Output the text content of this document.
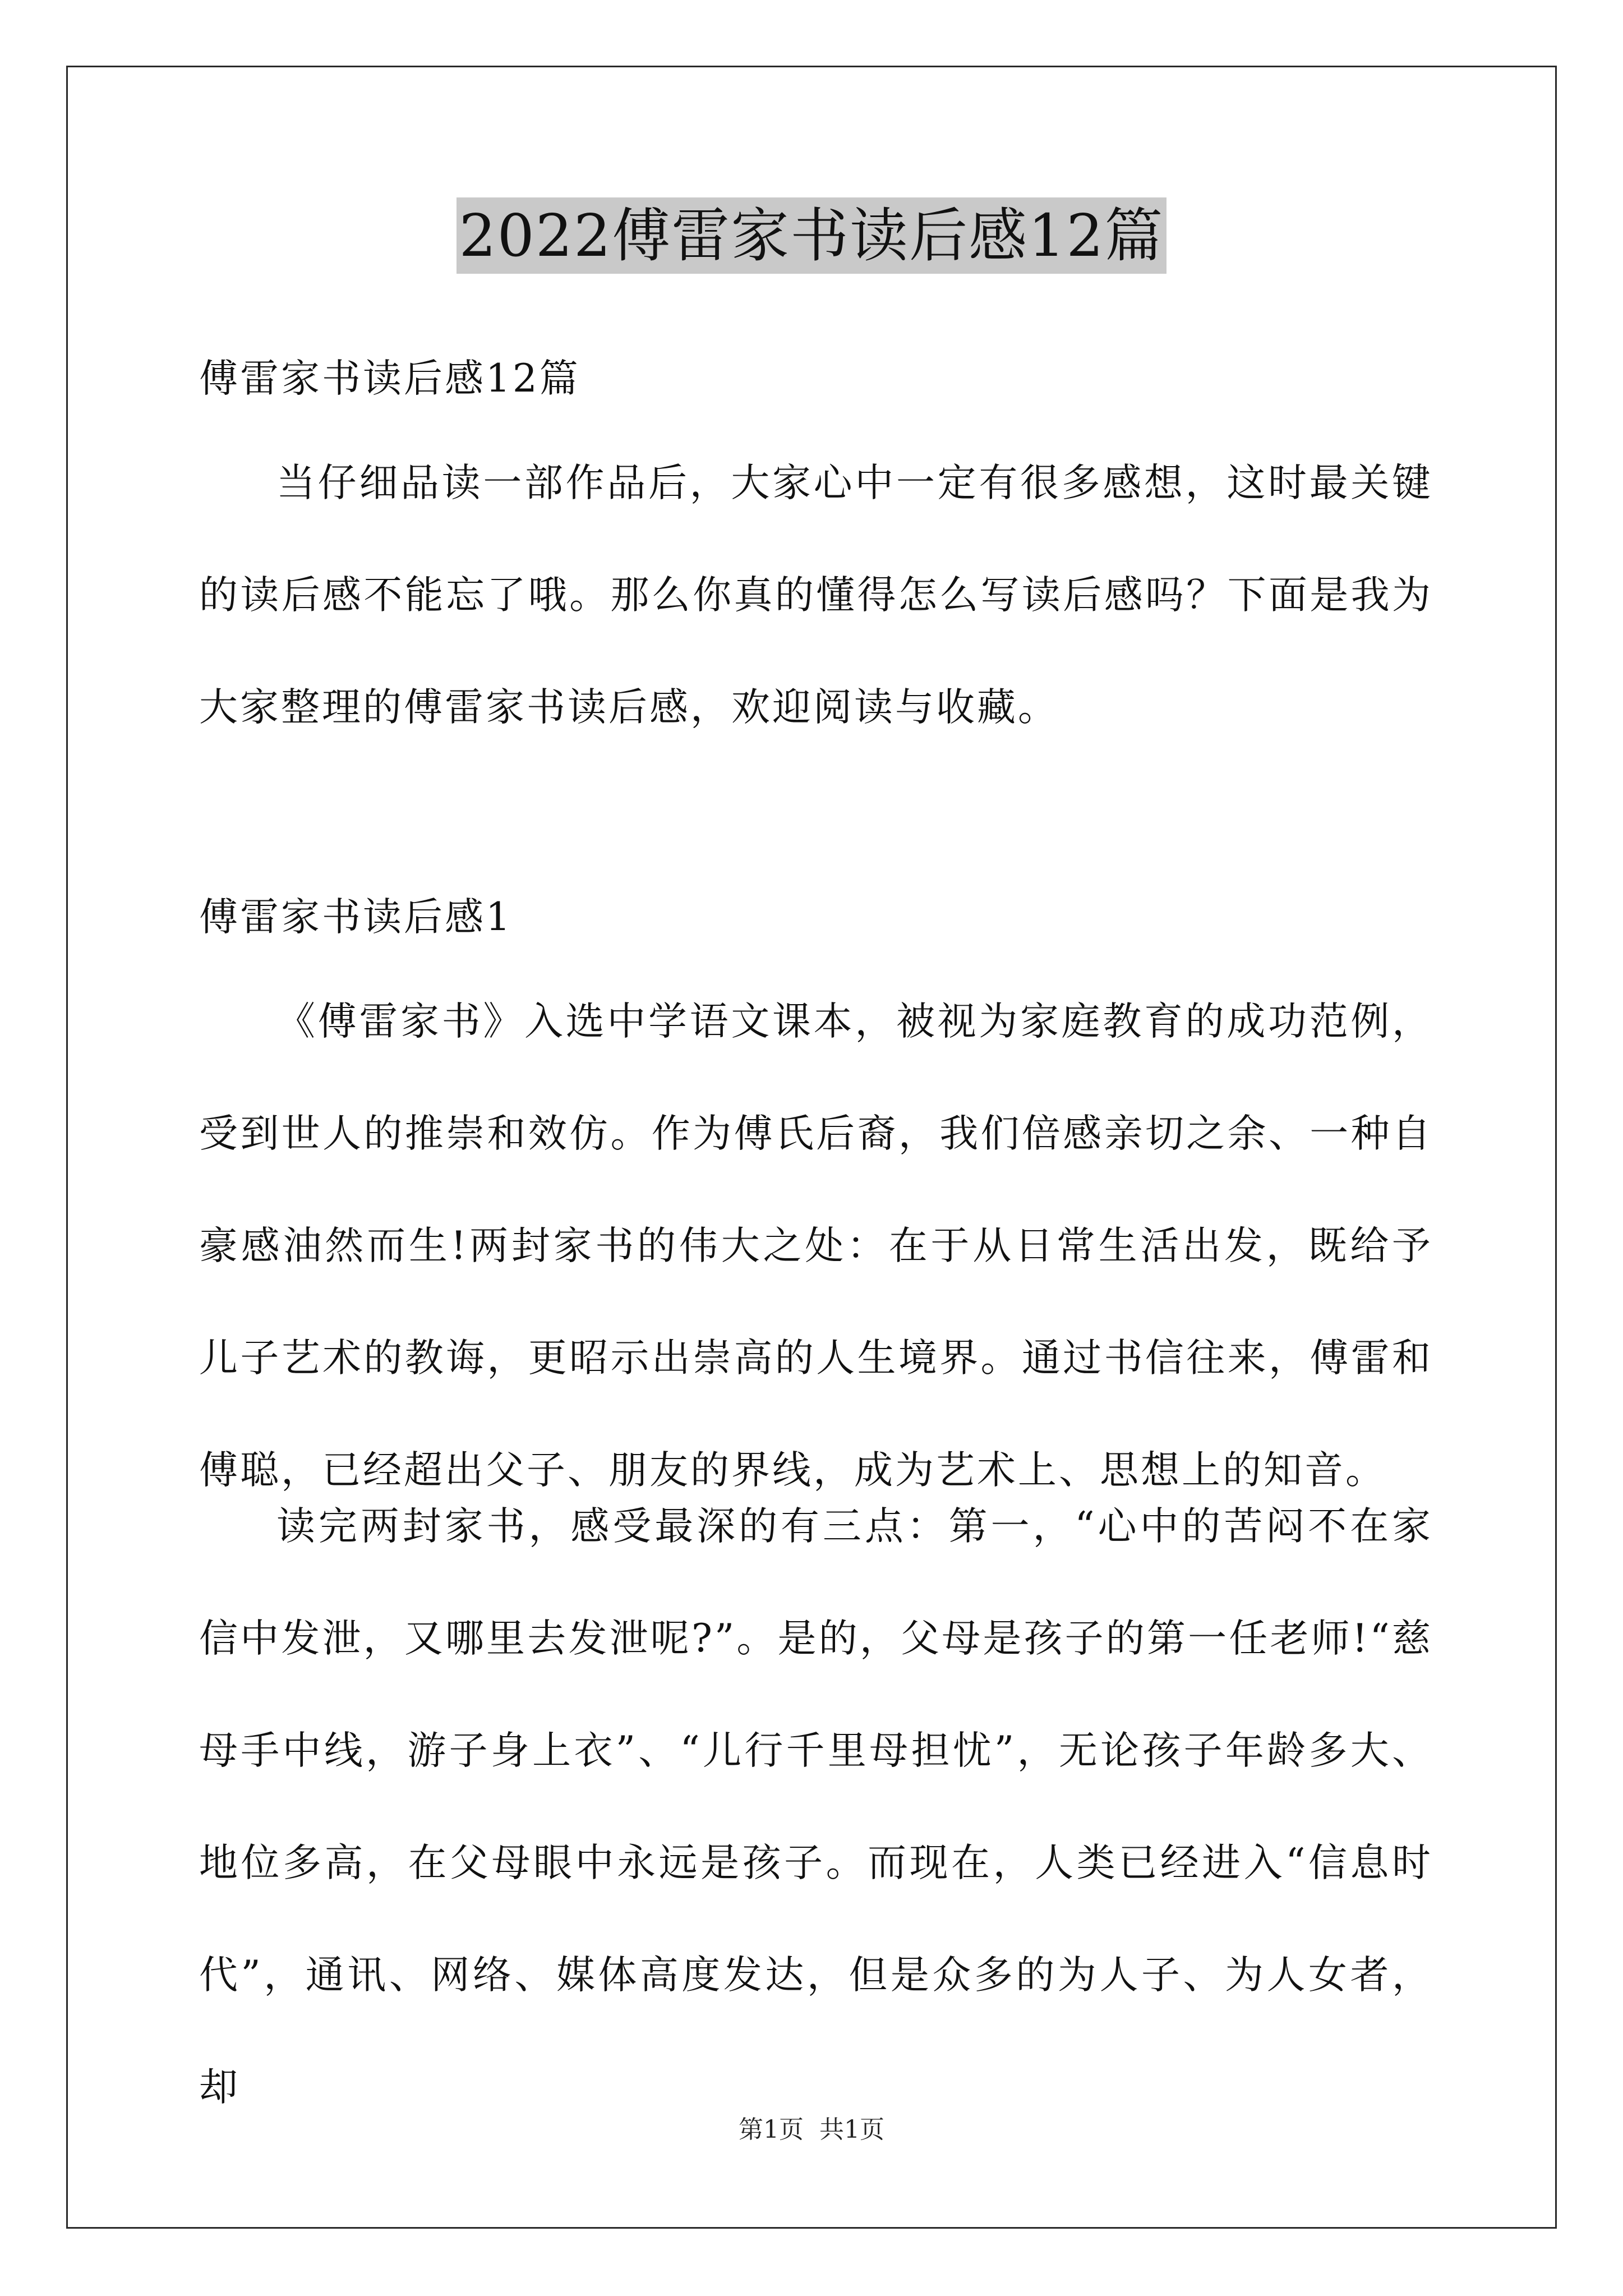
2022傅雷家书读后感12篇
傅雷家书读后感12篇

当仔细品读一部作品后，大家心中一定有很多感想，这时最关键的读后感不能忘了哦。那么你真的懂得怎么写读后感吗？下面是我为大家整理的傅雷家书读后感，欢迎阅读与收藏。

傅雷家书读后感1

《傅雷家书》入选中学语文课本，被视为家庭教育的成功范例，受到世人的推崇和效仿。作为傅氏后裔，我们倍感亲切之余、一种自豪感油然而生!两封家书的伟大之处：在于从日常生活出发，既给予儿子艺术的教诲，更昭示出崇高的人生境界。通过书信往来，傅雷和傅聪，已经超出父子、朋友的界线，成为艺术上、思想上的知音。

读完两封家书，感受最深的有三点：第一，“心中的苦闷不在家信中发泄，又哪里去发泄呢?”。是的，父母是孩子的第一任老师!“慈母手中线，游子身上衣”、“儿行千里母担忧”，无论孩子年龄多大、地位多高，在父母眼中永远是孩子。而现在，人类已经进入“信息时代”，通讯、网络、媒体高度发达，但是众多的为人子、为人女者，却

第1页 共1页
